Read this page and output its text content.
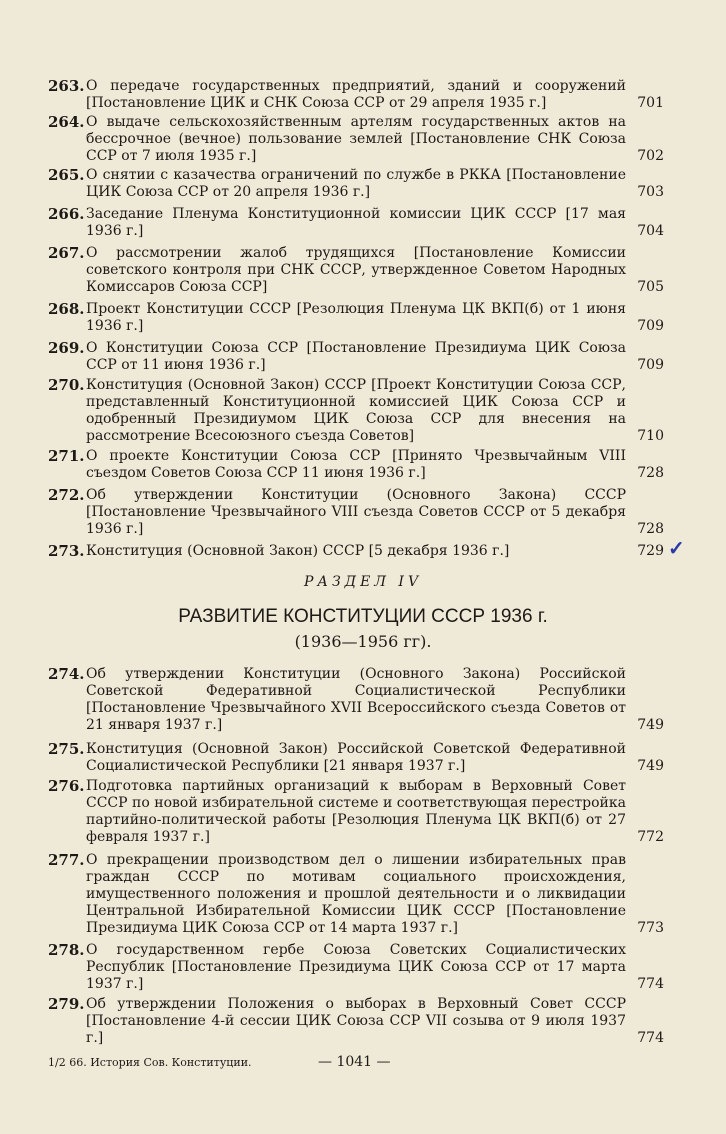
263. О передаче государственных предприятий, зданий и сооружений [Постановление ЦИК и СНК Союза ССР от 29 апреля 1935 г.]	701
264. О выдаче сельскохозяйственным артелям государственных актов на бессрочное (вечное) пользование землей [Постановление СНК Союза ССР от 7 июля 1935 г.]	702
265. О снятии с казачества ограничений по службе в РККА [Постановление ЦИК Союза ССР от 20 апреля 1936 г.]	703
266. Заседание Пленума Конституционной комиссии ЦИК СССР [17 мая 1936 г.]	704
267. О рассмотрении жалоб трудящихся [Постановление Комиссии советского контроля при СНК СССР, утвержденное Советом Народных Комиссаров Союза ССР]	705
268. Проект Конституции СССР [Резолюция Пленума ЦК ВКП(б) от 1 июня 1936 г.]	709
269. О Конституции Союза ССР [Постановление Президиума ЦИК Союза ССР от 11 июня 1936 г.]	709
270. Конституция (Основной Закон) СССР [Проект Конституции Союза ССР, представленный Конституционной комиссией ЦИК Союза ССР и одобренный Президиумом ЦИК Союза ССР для внесения на рассмотрение Всесоюзного съезда Советов]	710
271. О проекте Конституции Союза ССР [Принято Чрезвычайным VIII съездом Советов Союза ССР 11 июня 1936 г.]	728
272. Об утверждении Конституции (Основного Закона) СССР [Постановление Чрезвычайного VIII съезда Советов СССР от 5 декабря 1936 г.]	728
273. Конституция (Основной Закон) СССР [5 декабря 1936 г.]	729 ✓
РАЗДЕЛ IV
РАЗВИТИЕ КОНСТИТУЦИИ СССР 1936 г.
(1936—1956 гг).
274. Об утверждении Конституции (Основного Закона) Российской Советской Федеративной Социалистической Республики [Постановление Чрезвычайного XVII Всероссийского съезда Советов от 21 января 1937 г.]	749
275. Конституция (Основной Закон) Российской Советской Федеративной Социалистической Республики [21 января 1937 г.]	749
276. Подготовка партийных организаций к выборам в Верховный Совет СССР по новой избирательной системе и соответствующая перестройка партийно-политической работы [Резолюция Пленума ЦК ВКП(б) от 27 февраля 1937 г.]	772
277. О прекращении производством дел о лишении избирательных прав граждан СССР по мотивам социального происхождения, имущественного положения и прошлой деятельности и о ликвидации Центральной Избирательной Комиссии ЦИК СССР [Постановление Президиума ЦИК Союза ССР от 14 марта 1937 г.]	773
278. О государственном гербе Союза Советских Социалистических Республик [Постановление Президиума ЦИК Союза ССР от 17 марта 1937 г.]	774
279. Об утверждении Положения о выборах в Верховный Совет СССР [Постановление 4-й сессии ЦИК Союза ССР VII созыва от 9 июля 1937 г.]	774
1/2 66. История Сов. Конституции.	— 1041 —
